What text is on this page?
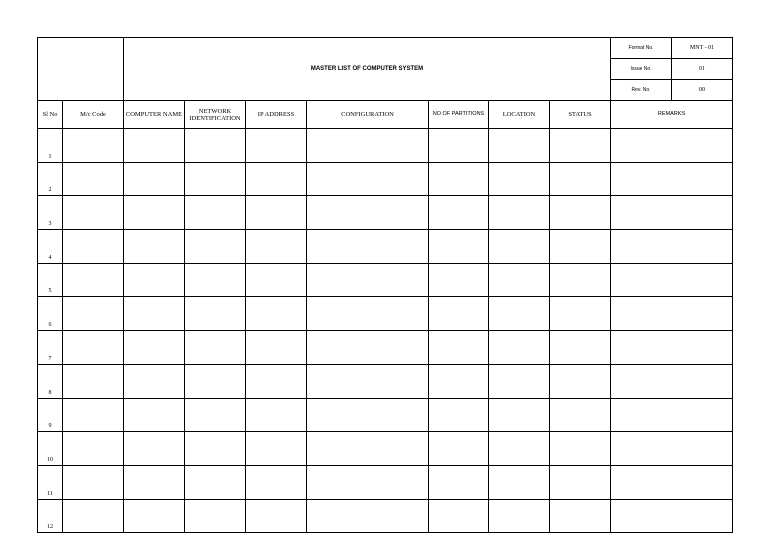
		MASTER LIST OF COMPUTER SYSTEM							Format No.	MNT - 01
									Issue No.	01
									Rev. No.	00
Sl No	M/c Code	COMPUTER NAME	NETWORK IDENTIFICATION	IP ADDRESS	CONFIGURATION	NO OF PARTITIONS	LOCATION	STATUS	REMARKS	
1										
2										
3										
4										
5										
6										
7										
8										
9										
10										
11										
12										
